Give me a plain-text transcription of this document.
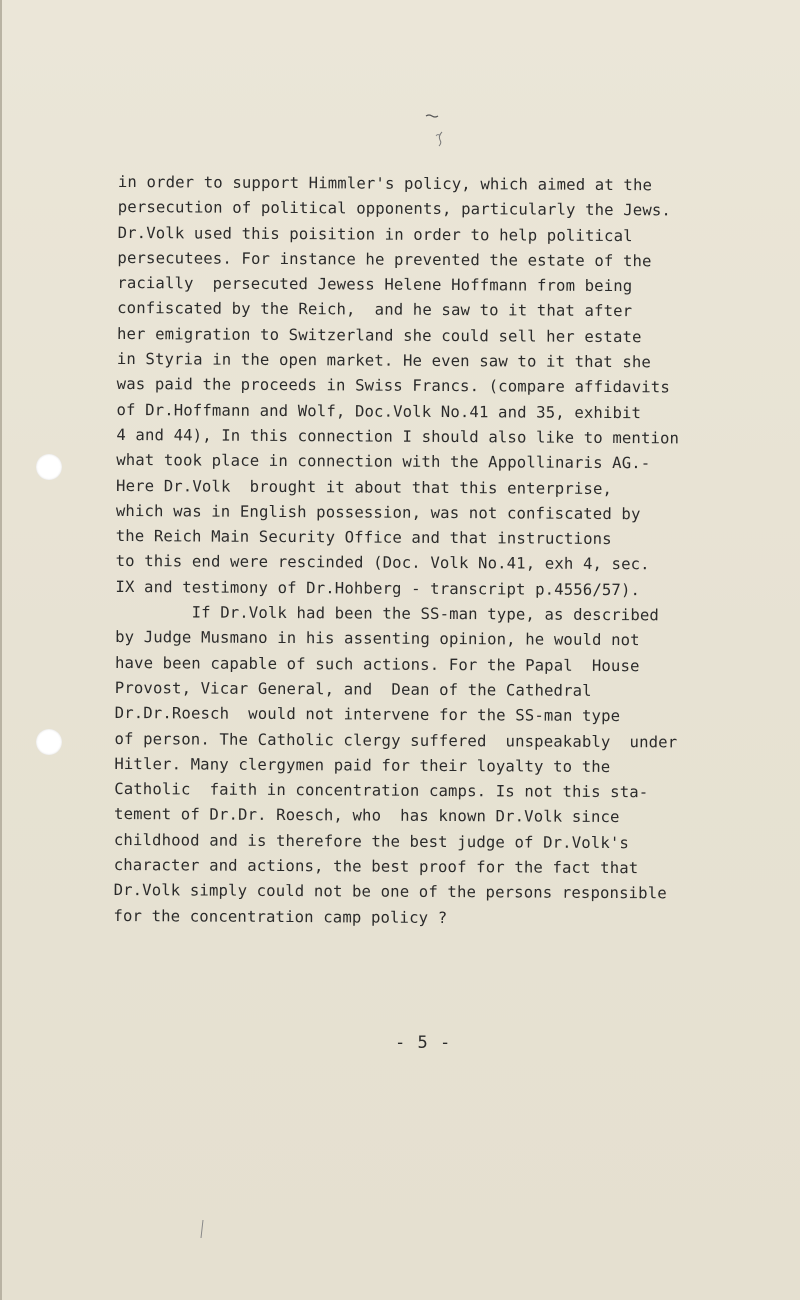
in order to support Himmler's policy, which aimed at the
persecution of political opponents, particularly the Jews.
Dr.Volk used this poisition in order to help political
persecutees. For instance he prevented the estate of the
racially  persecuted Jewess Helene Hoffmann from being
confiscated by the Reich,  and he saw to it that after
her emigration to Switzerland she could sell her estate
in Styria in the open market. He even saw to it that she
was paid the proceeds in Swiss Francs. (compare affidavits
of Dr.Hoffmann and Wolf, Doc.Volk No.41 and 35, exhibit
4 and 44), In this connection I should also like to mention
what took place in connection with the Appollinaris AG.-
Here Dr.Volk  brought it about that this enterprise,
which was in English possession, was not confiscated by
the Reich Main Security Office and that instructions
to this end were rescinded (Doc. Volk No.41, exh 4, sec.
IX and testimony of Dr.Hohberg - transcript p.4556/57).
If Dr.Volk had been the SS-man type, as described
by Judge Musmano in his assenting opinion, he would not
have been capable of such actions. For the Papal  House
Provost, Vicar General, and  Dean of the Cathedral
Dr.Dr.Roesch  would not intervene for the SS-man type
of person. The Catholic clergy suffered  unspeakably  under
Hitler. Many clergymen paid for their loyalty to the
Catholic  faith in concentration camps. Is not this sta-
tement of Dr.Dr. Roesch, who  has known Dr.Volk since
childhood and is therefore the best judge of Dr.Volk's
character and actions, the best proof for the fact that
Dr.Volk simply could not be one of the persons responsible
for the concentration camp policy ?
- 5 -
